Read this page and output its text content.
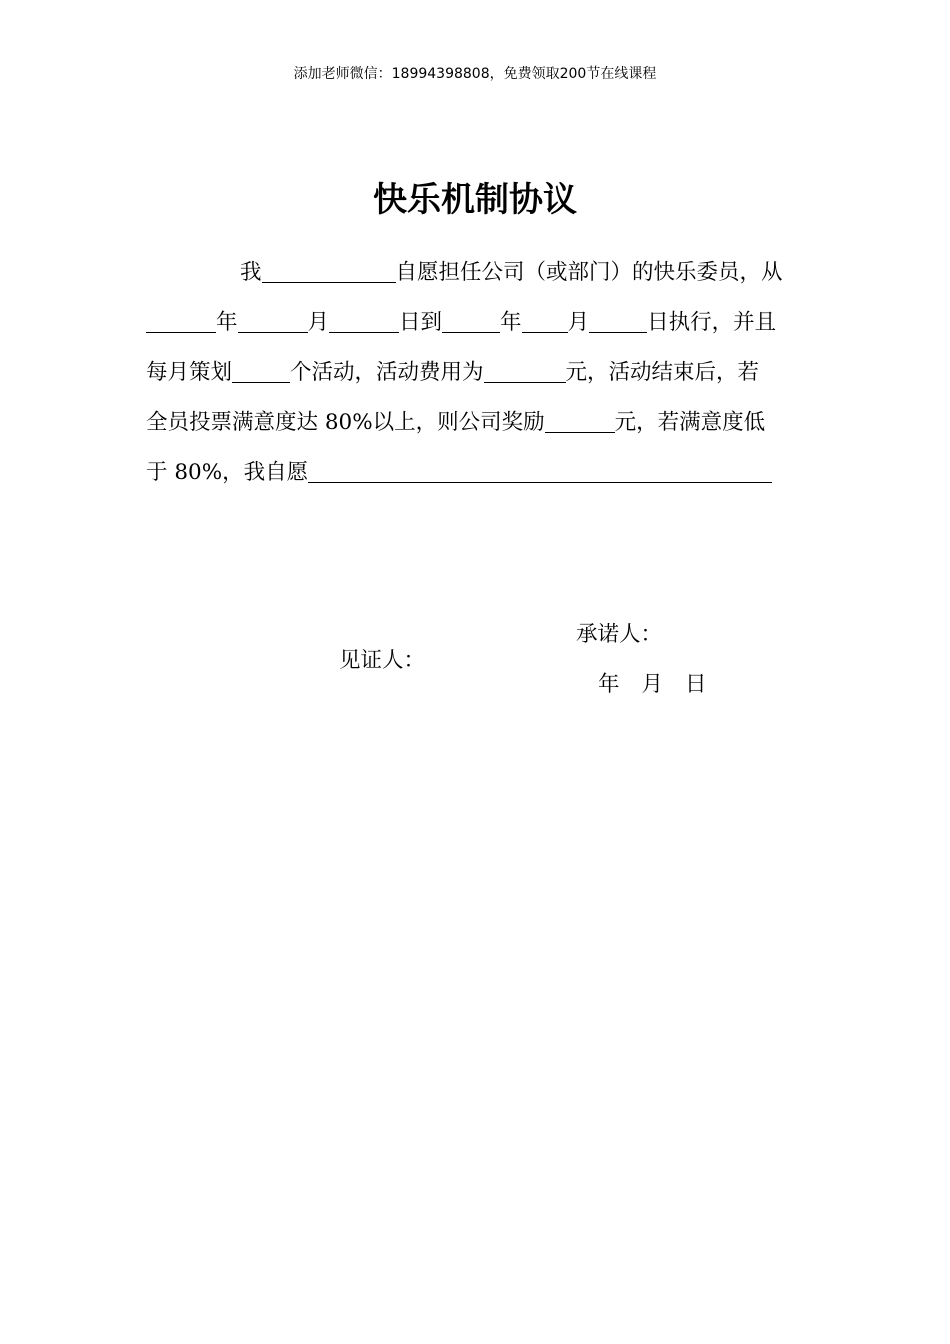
添加老师微信：18994398808，免费领取200节在线课程
快乐机制协议
我	自愿担任公司（或部门）的快乐委员，从
年	月	日到	年 月	日执行，并且
每月策划	个活动，活动费用为	元，活动结束后，若
全员投票满意度达 80%以上，则公司奖励	元，若满意度低
于 80%，我自愿
承诺人：
见证人：
年 月 日
